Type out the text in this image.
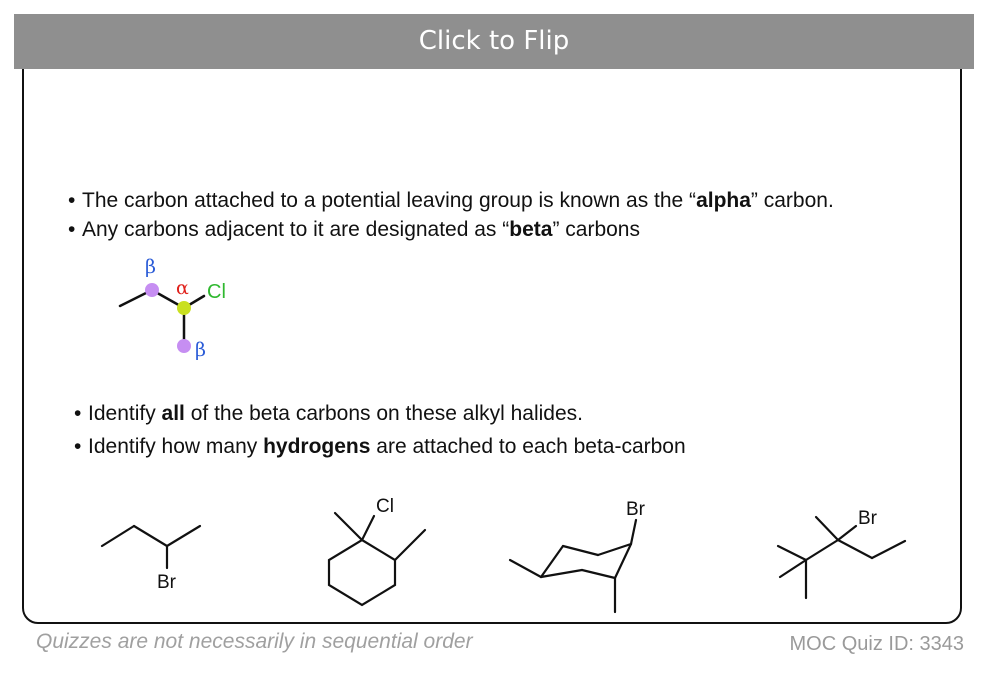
Click to Flip
• The carbon attached to a potential leaving group is known as the “alpha” carbon.
• Any carbons adjacent to it are designated as “beta” carbons
• Identify all of the beta carbons on these alkyl halides.
• Identify how many hydrogens are attached to each beta-carbon
β
α Cl
β
Br
Cl	Br	Br
Quizzes are not necessarily in sequential order	MOC Quiz ID: 3343
